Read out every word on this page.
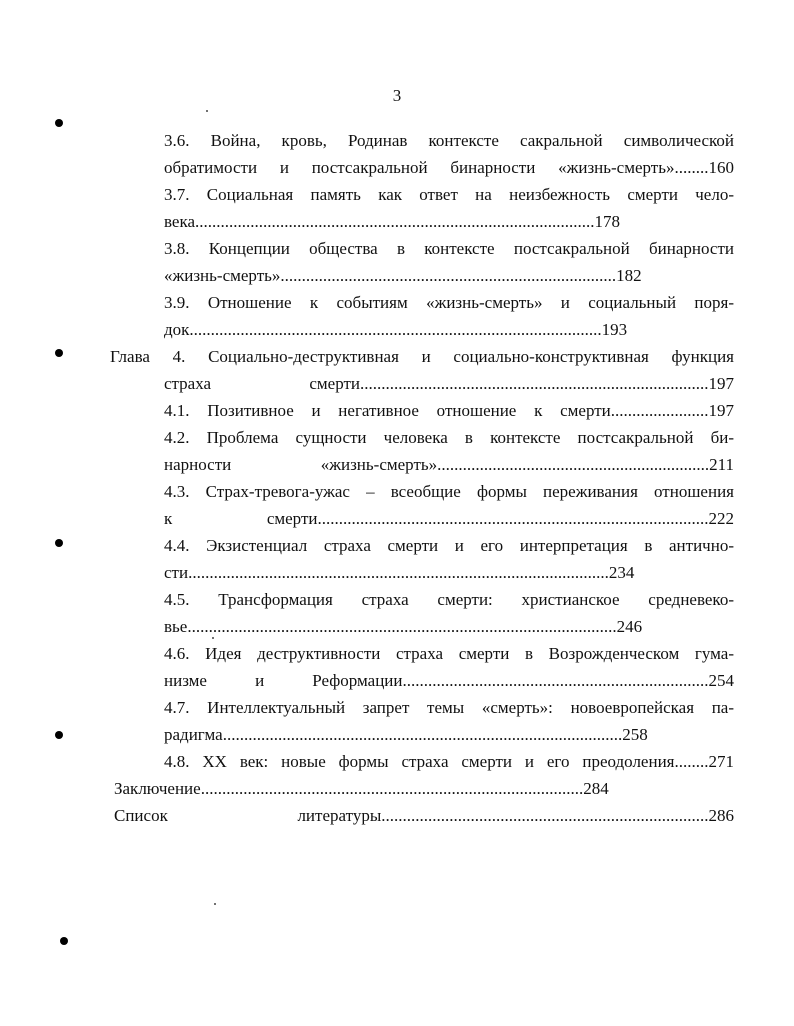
3
3.6. Война, кровь, Родинав контексте сакральной символической
обратимости и постсакральной бинарности «жизнь-смерть»........160
3.7. Социальная память как ответ на неизбежность смерти чело-
века..............................................................................................178
3.8. Концепции общества в контексте постсакральной бинарности
«жизнь-смерть»...............................................................................182
3.9. Отношение к событиям «жизнь-смерть» и социальный поря-
док.................................................................................................193
Глава 4. Социально-деструктивная и социально-конструктивная функция
страха смерти..................................................................................197
4.1. Позитивное и негативное отношение к смерти.......................197
4.2. Проблема сущности человека в контексте постсакральной би-
нарности «жизнь-смерть»................................................................211
4.3. Страх-тревога-ужас – всеобщие формы переживания отношения
к смерти............................................................................................222
4.4. Экзистенциал страха смерти и его интерпретация в антично-
сти...................................................................................................234
4.5. Трансформация страха смерти: христианское средневеко-
вье.....................................................................................................246
4.6. Идея деструктивности страха смерти в Возрожденческом гума-
низме и Реформации........................................................................254
4.7. Интеллектуальный запрет темы «смерть»: новоевропейская па-
радигма..............................................................................................258
4.8. XX век: новые формы страха смерти и его преодоления........271
Заключение..........................................................................................284
Список литературы.............................................................................286
